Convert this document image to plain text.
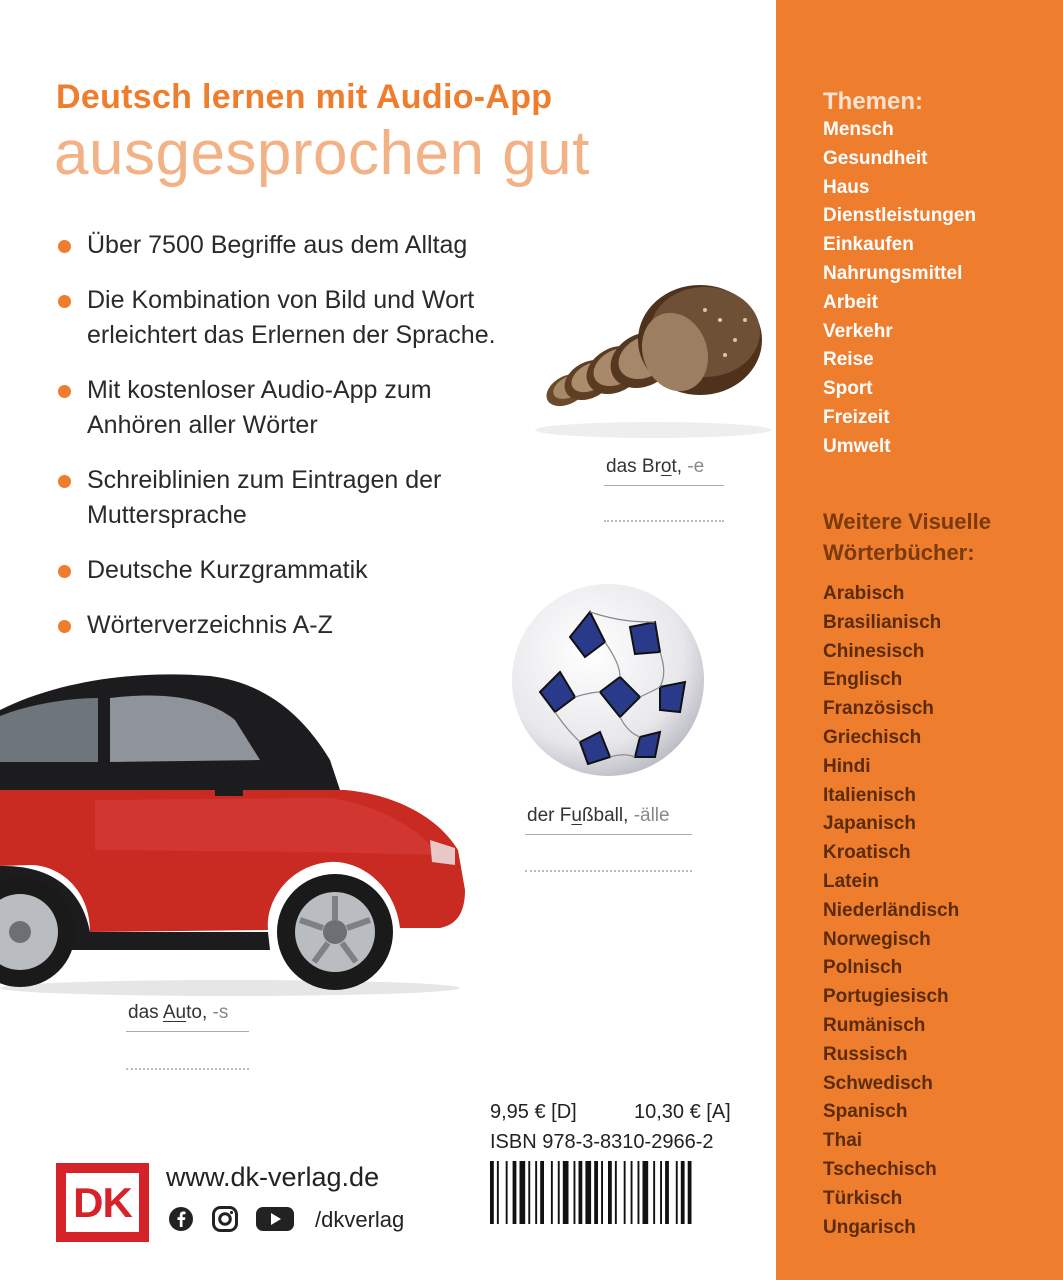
Deutsch lernen mit Audio-App
ausgesprochen gut
Über 7500 Begriffe aus dem Alltag
Die Kombination von Bild und Wort erleichtert das Erlernen der Sprache.
Mit kostenloser Audio-App zum Anhören aller Wörter
Schreiblinien zum Eintragen der Muttersprache
Deutsche Kurzgrammatik
Wörterverzeichnis A-Z
das Brot, -e
der Fußball, -älle
das Auto, -s
9,95 € [D]	10,30 € [A]
ISBN 978-3-8310-2966-2
DK
www.dk-verlag.de
/dkverlag
Themen:
Mensch
Gesundheit
Haus
Dienstleistungen
Einkaufen
Nahrungsmittel
Arbeit
Verkehr
Reise
Sport
Freizeit
Umwelt
Weitere Visuelle
Wörterbücher:
Arabisch
Brasilianisch
Chinesisch
Englisch
Französisch
Griechisch
Hindi
Italienisch
Japanisch
Kroatisch
Latein
Niederländisch
Norwegisch
Polnisch
Portugiesisch
Rumänisch
Russisch
Schwedisch
Spanisch
Thai
Tschechisch
Türkisch
Ungarisch
